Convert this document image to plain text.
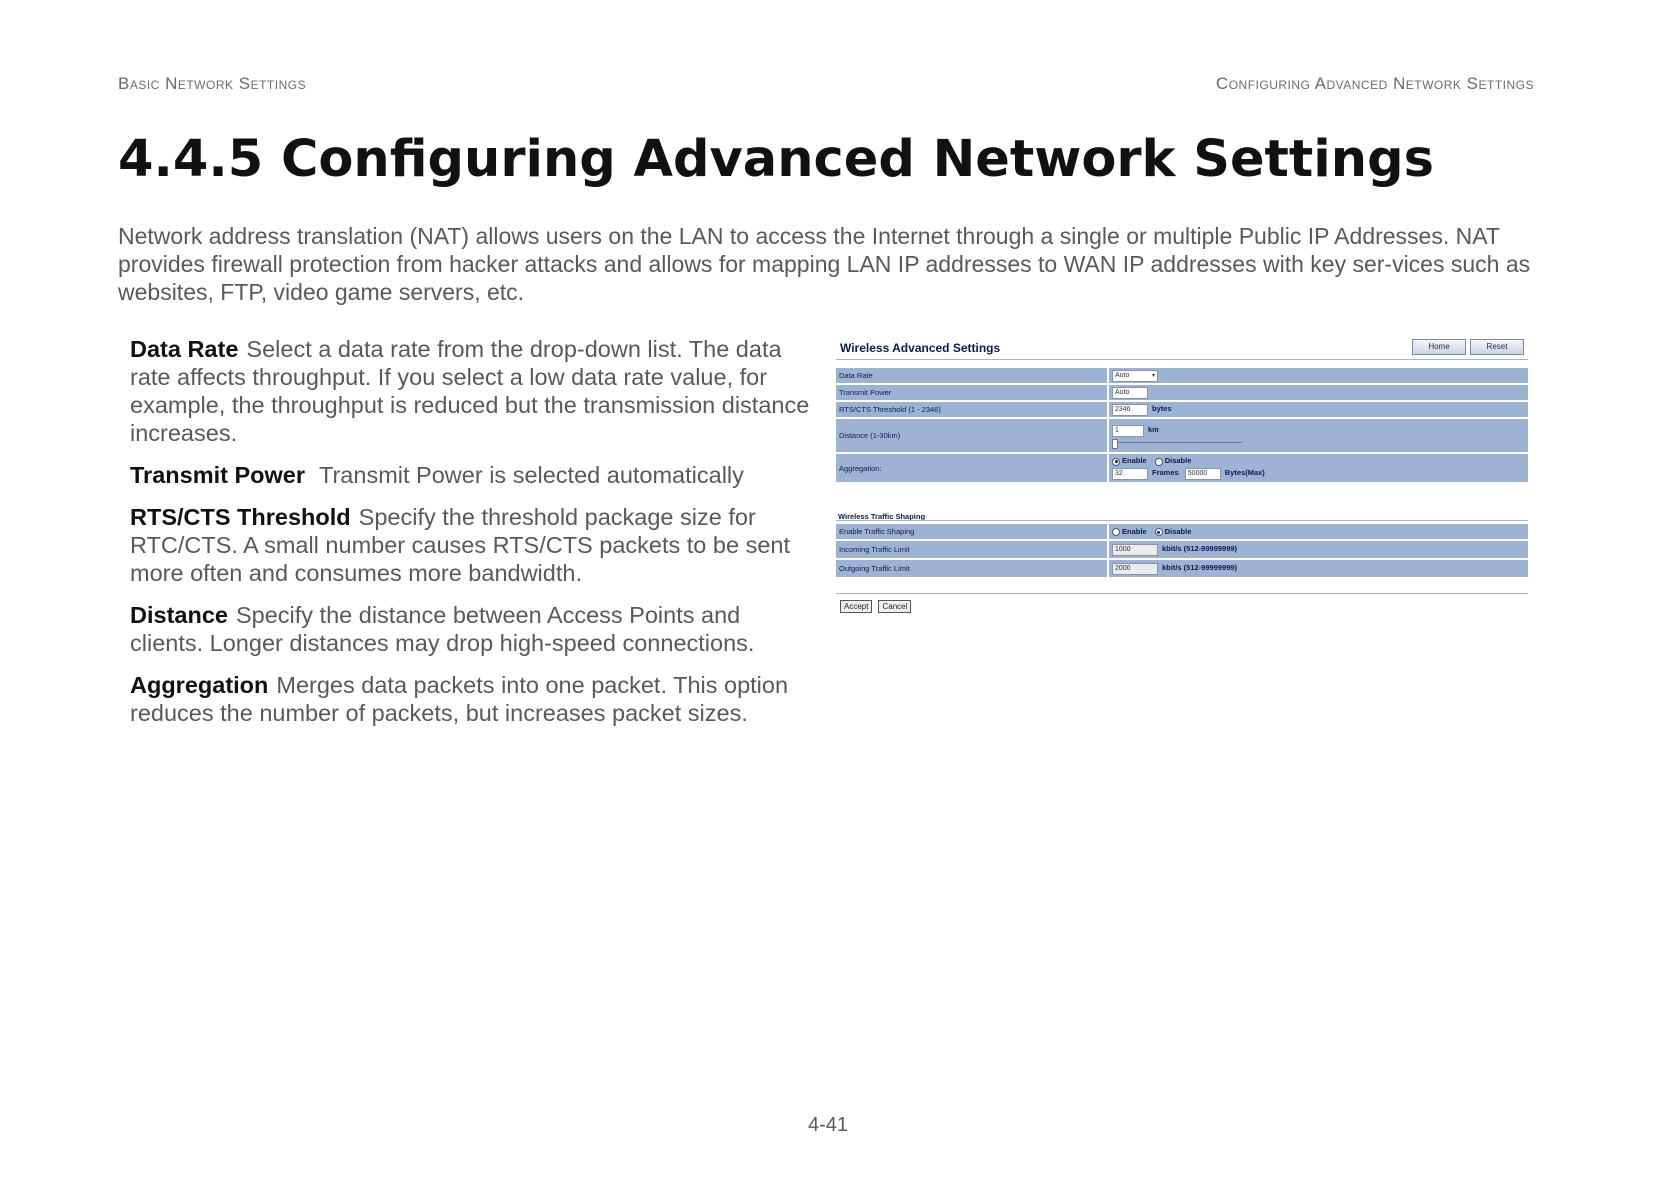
Basic Network Settings	Configuring Advanced Network Settings
4.4.5 Configuring Advanced Network Settings

Network address translation (NAT) allows users on the LAN to access the Internet through a single or multiple Public IP Addresses. NAT provides firewall protection from hacker attacks and allows for mapping LAN IP addresses to WAN IP addresses with key ser-vices such as websites, FTP, video game servers, etc.

Data Rate Select a data rate from the drop-down list. The data rate affects throughput. If you select a low data rate value, for example, the throughput is reduced but the transmission distance increases.

Transmit Power Transmit Power is selected automatically

RTS/CTS Threshold Specify the threshold package size for RTC/CTS. A small number causes RTS/CTS packets to be sent more often and consumes more bandwidth.

Distance Specify the distance between Access Points and clients. Longer distances may drop high-speed connections.

Aggregation Merges data packets into one packet. This option reduces the number of packets, but increases packet sizes.

Wireless Advanced Settings	Home	Reset
Data Rate	Auto ▾

Transmit Power	Auto
RTS/CTS Threshold (1 - 2346)	2346 bytes
Distance (1-30km)	1 km

Aggregation:	Enable Disable
32 Frames 50000 Bytes(Max)
Wireless Traffic Shaping
Enable Traffic Shaping	Enable Disable
Incoming Traffic Limit	1000 kbit/s (512-99999999)
Outgoing Traffic Limit	2000 kbit/s (512-99999999)
Accept	Cancel
4-41
